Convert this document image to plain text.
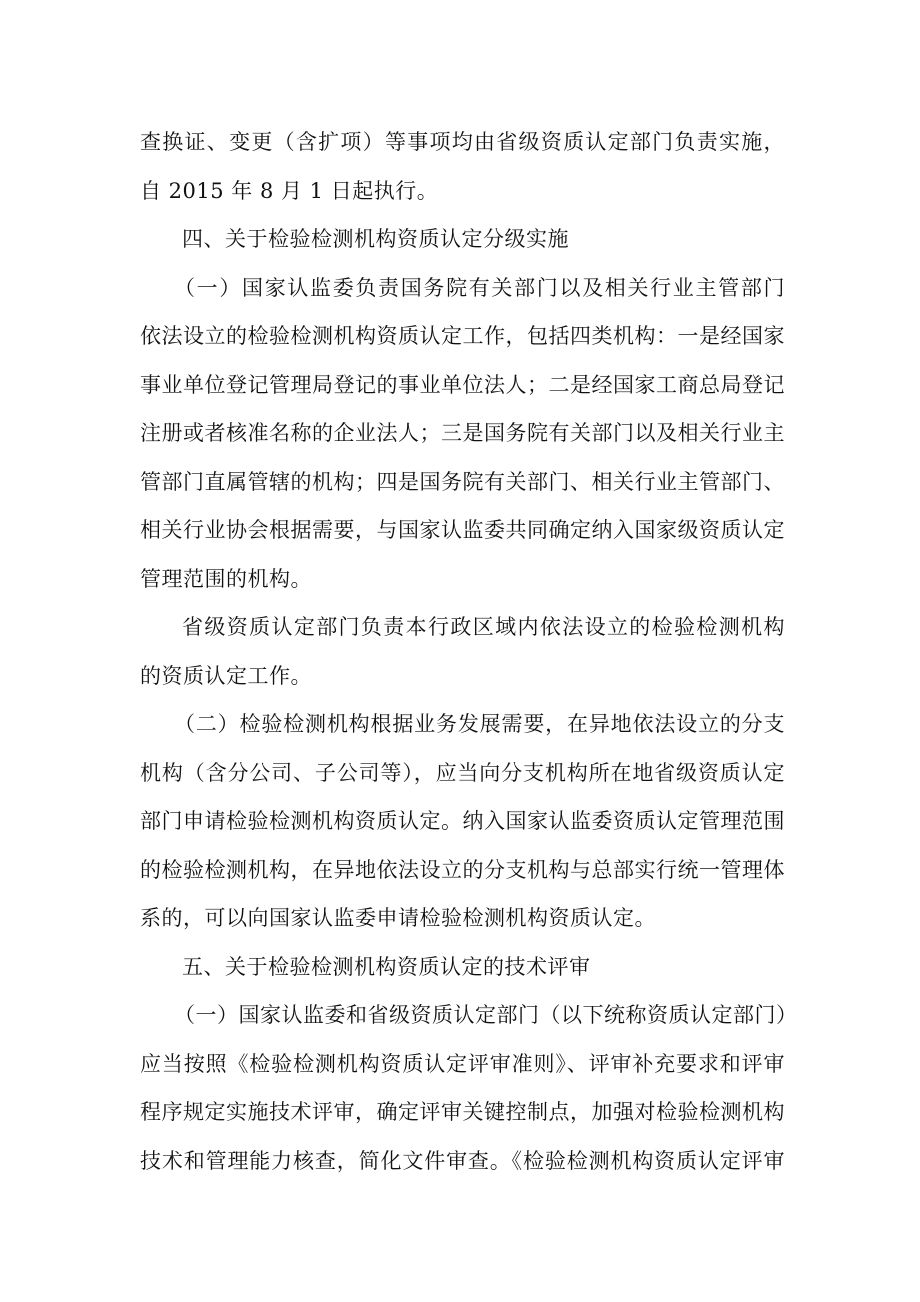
查换证、变更（含扩项）等事项均由省级资质认定部门负责实施，
自 2015 年 8 月 1 日起执行。
四、关于检验检测机构资质认定分级实施
（一）国家认监委负责国务院有关部门以及相关行业主管部门
依法设立的检验检测机构资质认定工作，包括四类机构：一是经国家
事业单位登记管理局登记的事业单位法人；二是经国家工商总局登记
注册或者核准名称的企业法人；三是国务院有关部门以及相关行业主
管部门直属管辖的机构；四是国务院有关部门、相关行业主管部门、
相关行业协会根据需要，与国家认监委共同确定纳入国家级资质认定
管理范围的机构。
省级资质认定部门负责本行政区域内依法设立的检验检测机构
的资质认定工作。
（二）检验检测机构根据业务发展需要，在异地依法设立的分支
机构（含分公司、子公司等），应当向分支机构所在地省级资质认定
部门申请检验检测机构资质认定。纳入国家认监委资质认定管理范围
的检验检测机构，在异地依法设立的分支机构与总部实行统一管理体
系的，可以向国家认监委申请检验检测机构资质认定。
五、关于检验检测机构资质认定的技术评审
（一）国家认监委和省级资质认定部门（以下统称资质认定部门）
应当按照《检验检测机构资质认定评审准则》、评审补充要求和评审
程序规定实施技术评审，确定评审关键控制点，加强对检验检测机构
技术和管理能力核查，简化文件审查。《检验检测机构资质认定评审
